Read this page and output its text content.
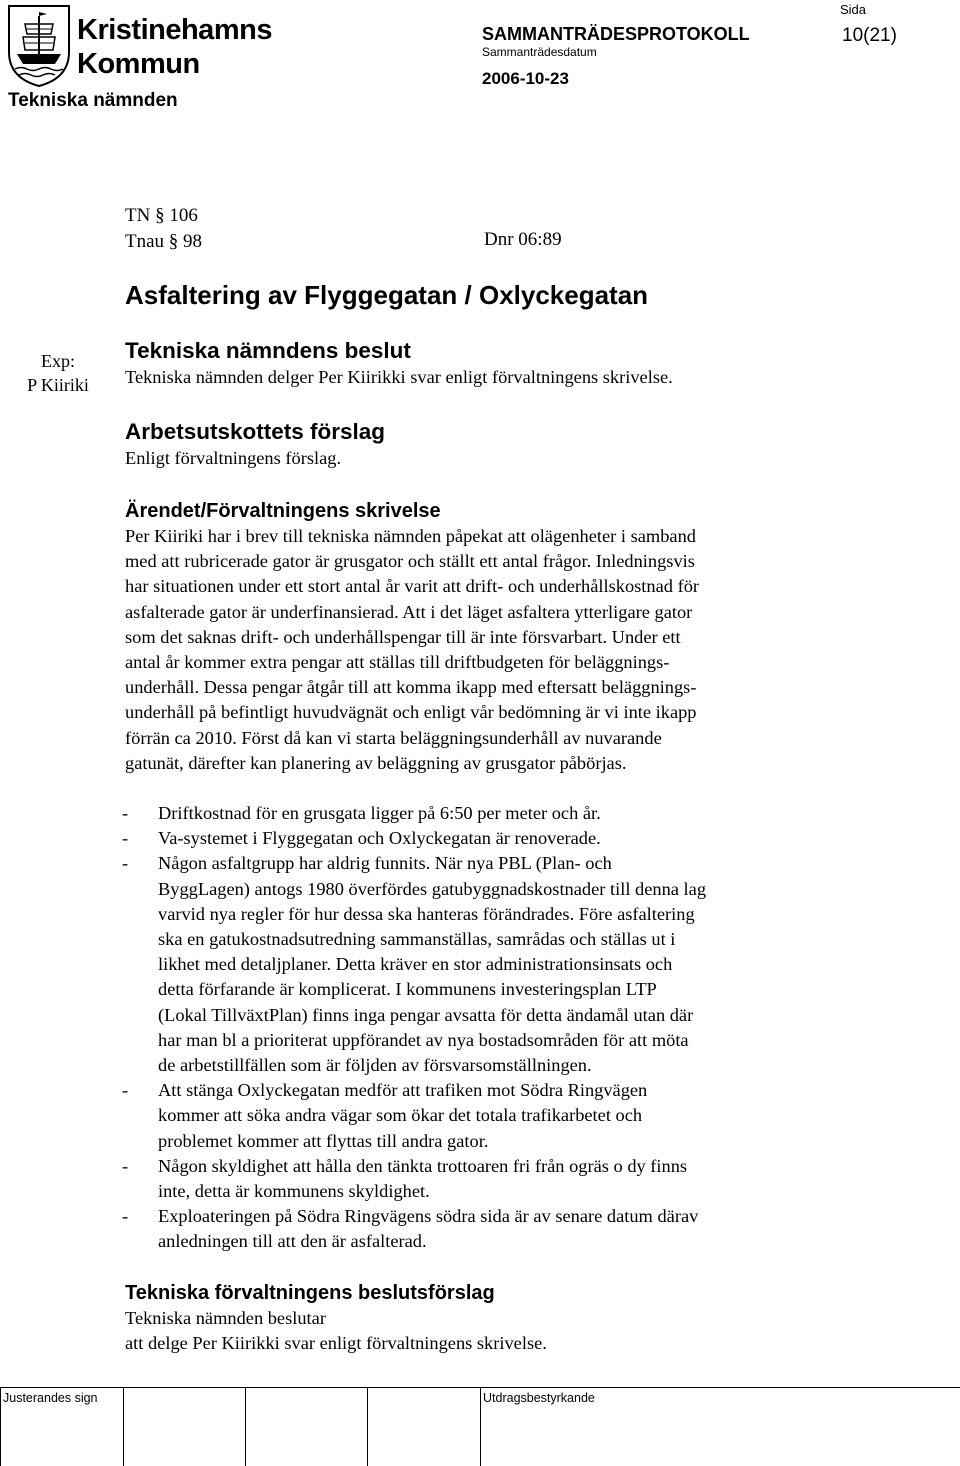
Kristinehamns
Kommun
Tekniska nämnden
SAMMANTRÄDESPROTOKOLL
Sida
10(21)
Sammanträdesdatum
2006-10-23
TN § 106
Tnau § 98	Dnr 06:89
Asfaltering av Flyggegatan / Oxlyckegatan
Exp:
P Kiiriki
Tekniska nämndens beslut
Tekniska nämnden delger Per Kiirikki svar enligt förvaltningens skrivelse.
Arbetsutskottets förslag
Enligt förvaltningens förslag.
Ärendet/Förvaltningens skrivelse
Per Kiiriki har i brev till tekniska nämnden påpekat att olägenheter i samband
med att rubricerade gator är grusgator och ställt ett antal frågor. Inledningsvis
har situationen under ett stort antal år varit att drift- och underhållskostnad för
asfalterade gator är underfinansierad. Att i det läget asfaltera ytterligare gator
som det saknas drift- och underhållspengar till är inte försvarbart. Under ett
antal år kommer extra pengar att ställas till driftbudgeten för beläggnings-
underhåll. Dessa pengar åtgår till att komma ikapp med eftersatt beläggnings-
underhåll på befintligt huvudvägnät och enligt vår bedömning är vi inte ikapp
förrän ca 2010. Först då kan vi starta beläggningsunderhåll av nuvarande
gatunät, därefter kan planering av beläggning av grusgator påbörjas.
- Driftkostnad för en grusgata ligger på 6:50 per meter och år.
- Va-systemet i Flyggegatan och Oxlyckegatan är renoverade.
- Någon asfaltgrupp har aldrig funnits. När nya PBL (Plan- och
ByggLagen) antogs 1980 överfördes gatubyggnadskostnader till denna lag
varvid nya regler för hur dessa ska hanteras förändrades. Före asfaltering
ska en gatukostnadsutredning sammanställas, samrådas och ställas ut i
likhet med detaljplaner. Detta kräver en stor administrationsinsats och
detta förfarande är komplicerat. I kommunens investeringsplan LTP
(Lokal TillväxtPlan) finns inga pengar avsatta för detta ändamål utan där
har man bl a prioriterat uppförandet av nya bostadsområden för att möta
de arbetstillfällen som är följden av försvarsomställningen.
- Att stänga Oxlyckegatan medför att trafiken mot Södra Ringvägen
kommer att söka andra vägar som ökar det totala trafikarbetet och
problemet kommer att flyttas till andra gator.
- Någon skyldighet att hålla den tänkta trottoaren fri från ogräs o dy finns
inte, detta är kommunens skyldighet.
- Exploateringen på Södra Ringvägens södra sida är av senare datum därav
anledningen till att den är asfalterad.
Tekniska förvaltningens beslutsförslag
Tekniska nämnden beslutar
att delge Per Kiirikki svar enligt förvaltningens skrivelse.
Justerandes sign	Utdragsbestyrkande
